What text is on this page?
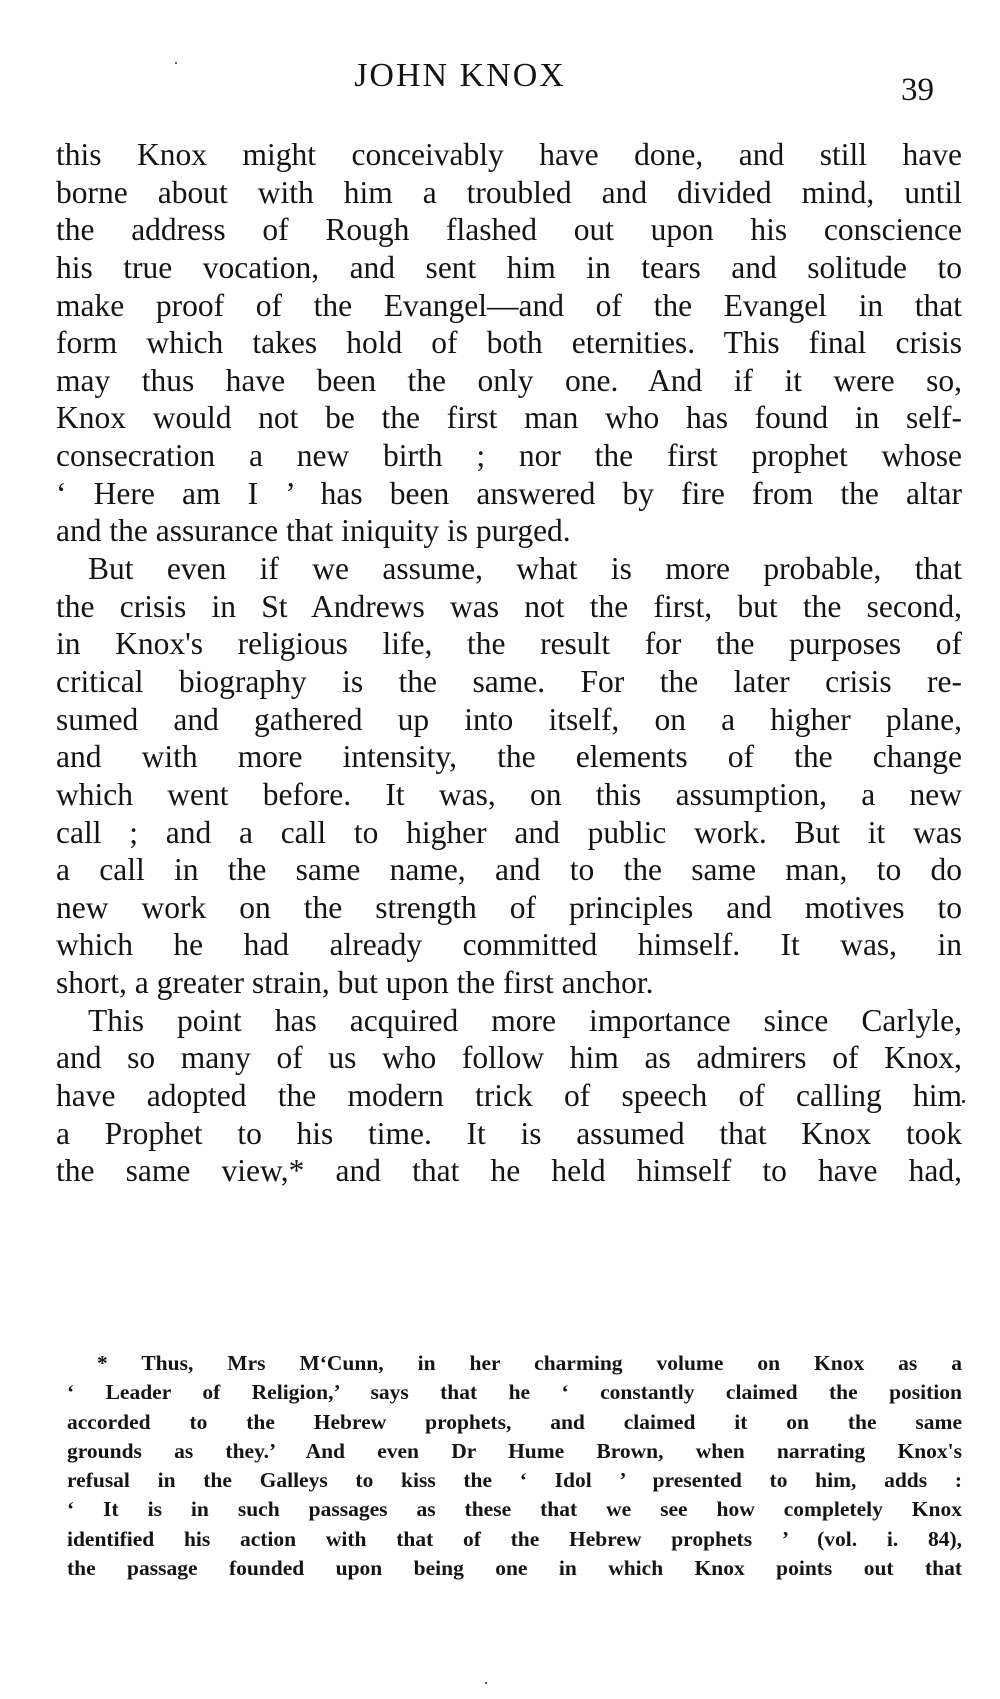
JOHN KNOX	39
this Knox might conceivably have done, and still have
borne about with him a troubled and divided mind, until
the address of Rough flashed out upon his conscience
his true vocation, and sent him in tears and solitude to
make proof of the Evangel—and of the Evangel in that
form which takes hold of both eternities. This final crisis
may thus have been the only one. And if it were so,
Knox would not be the first man who has found in self-
consecration a new birth ; nor the first prophet whose
‘ Here am I ’ has been answered by fire from the altar
and the assurance that iniquity is purged.
But even if we assume, what is more probable, that
the crisis in St Andrews was not the first, but the second,
in Knox's religious life, the result for the purposes of
critical biography is the same. For the later crisis re-
sumed and gathered up into itself, on a higher plane,
and with more intensity, the elements of the change
which went before. It was, on this assumption, a new
call ; and a call to higher and public work. But it was
a call in the same name, and to the same man, to do
new work on the strength of principles and motives to
which he had already committed himself. It was, in
short, a greater strain, but upon the first anchor.
This point has acquired more importance since Carlyle,
and so many of us who follow him as admirers of Knox,
have adopted the modern trick of speech of calling him
a Prophet to his time. It is assumed that Knox took
the same view,* and that he held himself to have had,
* Thus, Mrs M‘Cunn, in her charming volume on Knox as a
‘ Leader of Religion,’ says that he ‘ constantly claimed the position
accorded to the Hebrew prophets, and claimed it on the same
grounds as they.’ And even Dr Hume Brown, when narrating Knox's
refusal in the Galleys to kiss the ‘ Idol ’ presented to him, adds :
‘ It is in such passages as these that we see how completely Knox
identified his action with that of the Hebrew prophets ’ (vol. i. 84),
the passage founded upon being one in which Knox points out that
